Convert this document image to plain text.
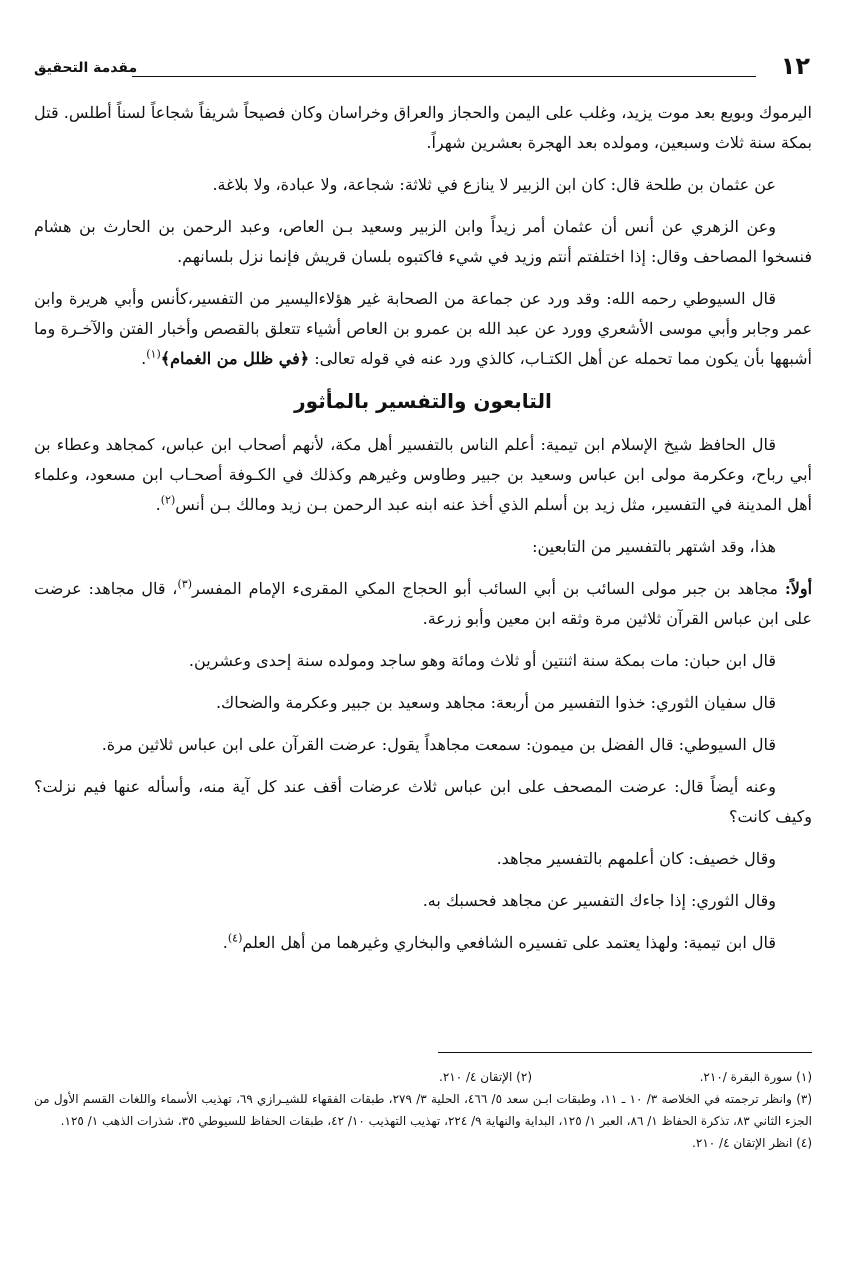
١٢
مقدمة التحقيق

اليرموك وبويع بعد موت يزيد، وغلب على اليمن والحجاز والعراق وخراسان وكان فصيحاً شريفاً شجاعاً لسناً أطلس. قتل بمكة سنة ثلاث وسبعين، ومولده بعد الهجرة بعشرين شهراً.

عن عثمان بن طلحة قال: كان ابن الزبير لا ينازع في ثلاثة: شجاعة، ولا عبادة، ولا بلاغة.

وعن الزهري عن أنس أن عثمان أمر زيداً وابن الزبير وسعيد بـن العاص، وعبد الرحمن بن الحارث بن هشام فنسخوا المصاحف وقال: إذا اختلفتم أنتم وزيد في شيء فاكتبوه بلسان قريش فإنما نزل بلسانهم.

قال السيوطي رحمه الله: وقد ورد عن جماعة من الصحابة غير هؤلاءاليسير من التفسير،كأنس وأبي هريرة وابن عمر وجابر وأبي موسى الأشعري وورد عن عبد الله بن عمرو بن العاص أشياء تتعلق بالقصص وأخبار الفتن والآخـرة وما أشبهها بأن يكون مما تحمله عن أهل الكتـاب، كالذي ورد عنه في قوله تعالى: ﴿في ظلل من الغمام﴾$^{(١)}$.

التابعون والتفسير بالمأثور

قال الحافظ شيخ الإسلام ابن تيمية: أعلم الناس بالتفسير أهل مكة، لأنهم أصحاب ابن عباس، كمجاهد وعطاء بن أبي رباح، وعكرمة مولى ابن عباس وسعيد بن جبير وطاوس وغيرهم وكذلك في الكـوفة أصحـاب ابن مسعود، وعلماء أهل المدينة في التفسير، مثل زيد بن أسلم الذي أخذ عنه ابنه عبد الرحمن بـن زيد ومالك بـن أنس$^{(٢)}$.

هذا، وقد اشتهر بالتفسير من التابعين:

أولاً: مجاهد بن جبر مولى السائب بن أبي السائب أبو الحجاج المكي المقرىء الإمام المفسر$^{(٣)}$، قال مجاهد: عرضت على ابن عباس القرآن ثلاثين مرة وثقه ابن معين وأبو زرعة.

قال ابن حبان: مات بمكة سنة اثنتين أو ثلاث ومائة وهو ساجد ومولده سنة إحدى وعشرين.

قال سفيان الثوري: خذوا التفسير من أربعة: مجاهد وسعيد بن جبير وعكرمة والضحاك.

قال السيوطي: قال الفضل بن ميمون: سمعت مجاهداً يقول: عرضت القرآن على ابن عباس ثلاثين مرة.

وعنه أيضاً قال: عرضت المصحف على ابن عباس ثلاث عرضات أقف عند كل آية منه، وأسأله عنها فيم نزلت؟ وكيف كانت؟

وقال خصيف: كان أعلمهم بالتفسير مجاهد.

وقال الثوري: إذا جاءك التفسير عن مجاهد فحسبك به.

قال ابن تيمية: ولهذا يعتمد على تفسيره الشافعي والبخاري وغيرهما من أهل العلم$^{(٤)}$.

(١) سورة البقرة /٢١٠.
(٢) الإتقان ٤/ ٢١٠.

(٣) وانظر ترجمته في الخلاصة ٣/ ١٠ ـ ١١، وطبقات ابـن سعد ٥/ ٤٦٦، الحلية ٣/ ٢٧٩، طبقات الفقهاء للشيـرازي ٦٩، تهذيب الأسماء واللغات القسم الأول من الجزء الثاني ٨٣، تذكرة الحفاظ ١/ ٨٦، العبر ١/ ١٢٥، البداية والنهاية ٩/ ٢٢٤، تهذيب التهذيب ١٠/ ٤٢، طبقات الحفاظ للسيوطي ٣٥، شذرات الذهب ١/ ١٢٥.

(٤) انظر الإتقان ٤/ ٢١٠.
